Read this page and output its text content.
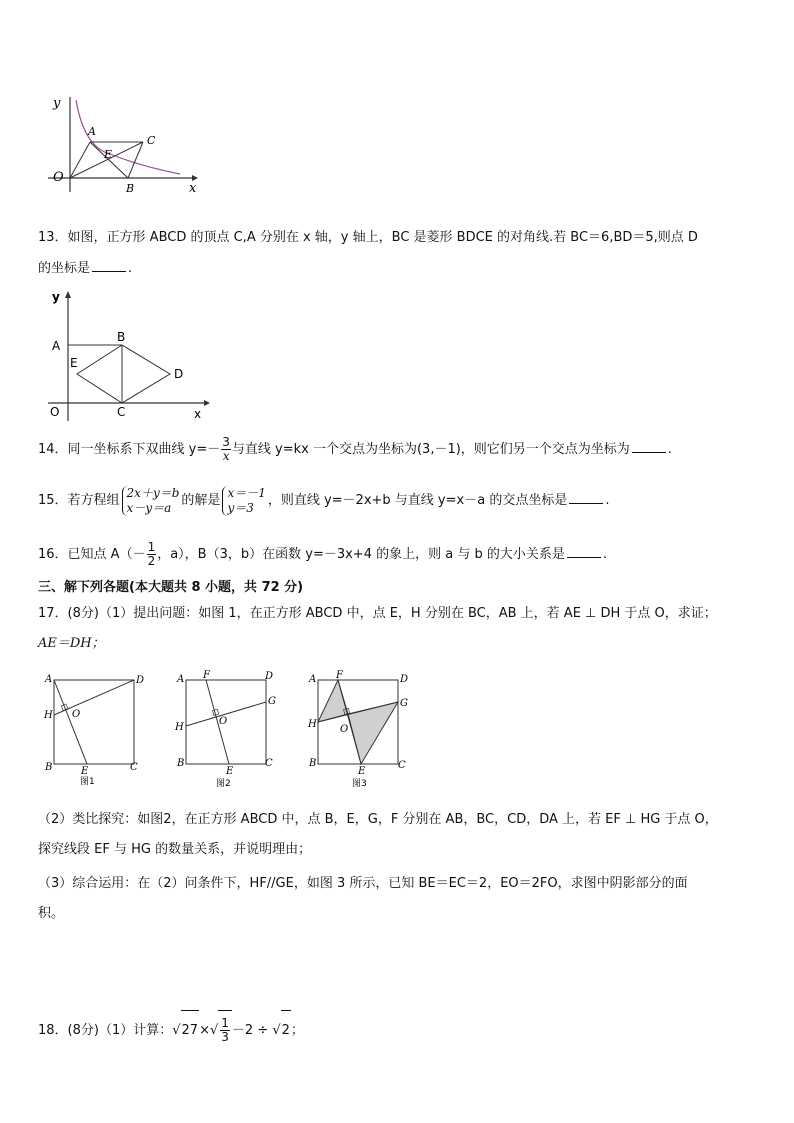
y
x
O
A
C
E
B
13．如图，正方形 ABCD 的顶点 C,A 分别在 x 轴，y 轴上，BC 是菱形 BDCE 的对角线.若 BC＝6,BD＝5,则点 D
的坐标是	.
y
x
O
A
B
E
D
C
14．同一坐标系下双曲线 $y=- \frac{3}{x}$ 与直线 y=kx 一个交点为坐标为(3,－1)，则它们另一个交点为坐标为	.
15．若方程组
2x＋y＝b
x－y＝a 的解是
x＝－1
y＝3	，则直线 y=－2x+b 与直线 y=x－a 的交点坐标是	.
16．已知点 $A(- \frac{1}{2}$ ，a），B（3，b）在函数 y=－3x+4 的象上，则 a 与 b 的大小关系是	.
三、解下列各题(本大题共 8 小题，共 72 分)
17．(8分)（1）提出问题：如图 1，在正方形 ABCD 中，点 E，H 分别在 BC，AB 上，若 AE ⊥ DH 于点 O，求证；
AE＝DH；
A	D
H O
B	E	C
图1
A F	D
G
H
O
B
E
C
图2
A F	D
G
H O
B
E
C
图3
（2）类比探究：如图2，在正方形 ABCD 中，点 B，E，G，F 分别在 AB，BC，CD，DA 上，若 EF ⊥ HG 于点 O，
探究线段 EF 与 HG 的数量关系，并说明理由；
（3）综合运用：在（2）问条件下，HF//GE，如图 3 所示，已知 BE＝EC＝2，EO＝2FO，求图中阴影部分的面
积。
18．(8分)（1）计算：$√27\times√ \frac{1}{3} -2 \div √2$；
